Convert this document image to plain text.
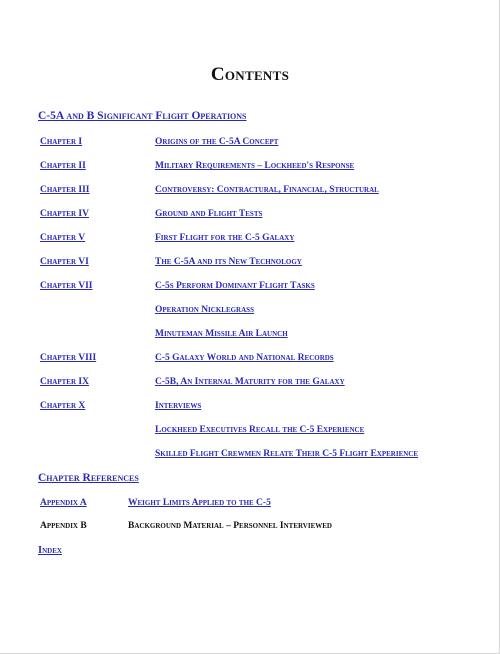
Contents
C-5A and B Significant Flight Operations
Chapter I	Origins of the C-5A Concept
Chapter II	Military Requirements – Lockheed's Response
Chapter III	Controversy: Contractural, Financial, Structural
Chapter IV	Ground and Flight Tests
Chapter V	First Flight for the C-5 Galaxy
Chapter VI	The C-5A and its New Technology
Chapter VII	C-5s Perform Dominant Flight Tasks
Operation Nicklegrass
Minuteman Missile Air Launch
Chapter VIII	C-5 Galaxy World and National Records
Chapter IX	C-5B, An Internal Maturity for the Galaxy
Chapter X	Interviews
Lockheed Executives Recall the C-5 Experience
Skilled Flight Crewmen Relate Their C-5 Flight Experience
Chapter References
Appendix A	Weight Limits Applied to the C-5
Appendix B	Background Material – Personnel Interviewed
Index
